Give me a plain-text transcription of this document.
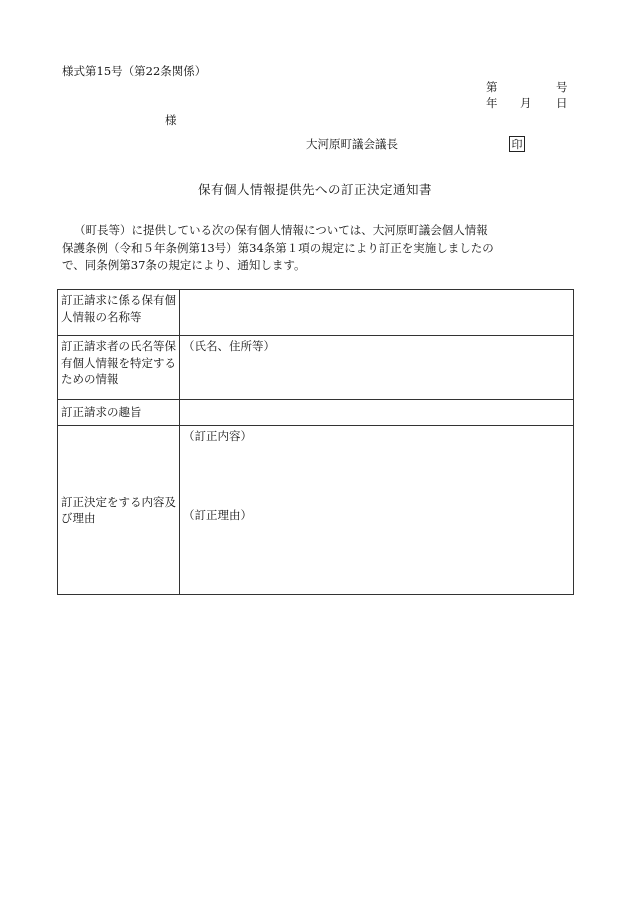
様式第15号（第22条関係）
第	号
年 月 日
様
大河原町議会議長	印
保有個人情報提供先への訂正決定通知書
（町長等）に提供している次の保有個人情報については、大河原町議会個人情報
保護条例（令和５年条例第13号）第34条第１項の規定により訂正を実施しましたの
で、同条例第37条の規定により、通知します。
訂正請求に係る保有個人情報の名称等	
訂正請求者の氏名等保有個人情報を特定するための情報	（氏名、住所等）

訂正請求の趣旨	
訂正決定をする内容及び理由	（訂正内容）
（訂正理由）
